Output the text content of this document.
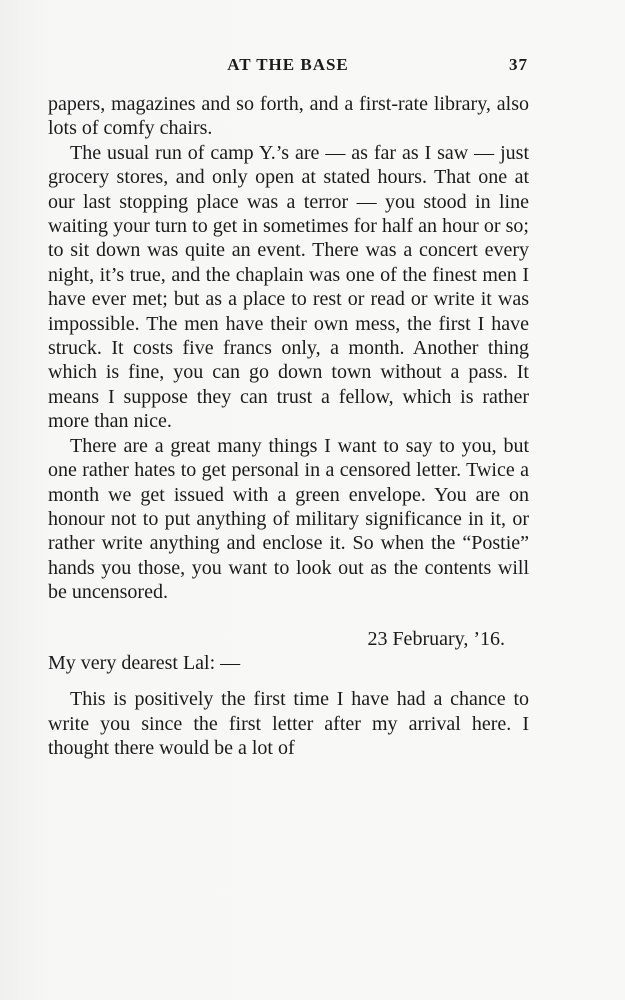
AT THE BASE	37

papers, magazines and so forth, and a first-rate library, also lots of comfy chairs.

The usual run of camp Y.’s are — as far as I saw — just grocery stores, and only open at stated hours. That one at our last stopping place was a terror — you stood in line waiting your turn to get in sometimes for half an hour or so; to sit down was quite an event. There was a concert every night, it’s true, and the chaplain was one of the finest men I have ever met; but as a place to rest or read or write it was impossible. The men have their own mess, the first I have struck. It costs five francs only, a month. Another thing which is fine, you can go down town without a pass. It means I suppose they can trust a fellow, which is rather more than nice.

There are a great many things I want to say to you, but one rather hates to get personal in a censored letter. Twice a month we get issued with a green envelope. You are on honour not to put anything of military significance in it, or rather write anything and enclose it. So when the “Postie” hands you those, you want to look out as the contents will be uncensored.

23 February, ’16.

My very dearest Lal: —

This is positively the first time I have had a chance to write you since the first letter after my arrival here. I thought there would be a lot of
